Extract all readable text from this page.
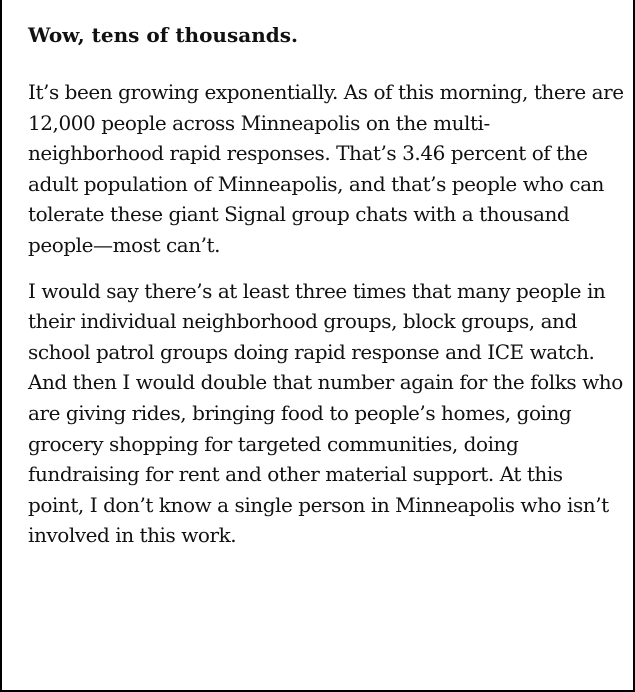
Wow, tens of thousands.

It’s been growing exponentially. As of this morning, there are 12,000 people across Minneapolis on the multi-neighborhood rapid responses. That’s 3.46 percent of the adult population of Minneapolis, and that’s people who can tolerate these giant Signal group chats with a thousand people—most can’t.

I would say there’s at least three times that many people in their individual neighborhood groups, block groups, and school patrol groups doing rapid response and ICE watch. And then I would double that number again for the folks who are giving rides, bringing food to people’s homes, going grocery shopping for targeted communities, doing fundraising for rent and other material support. At this point, I don’t know a single person in Minneapolis who isn’t involved in this work.
